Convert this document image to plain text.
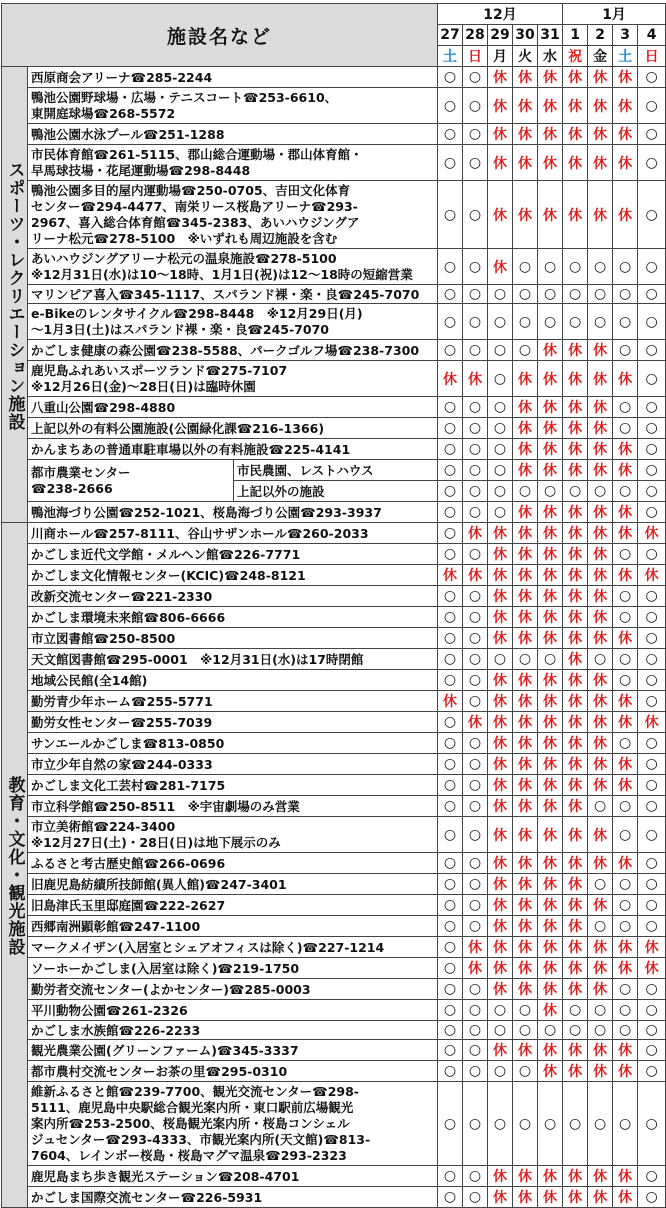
施設名など			12月					1月			
			27	28	29	30	31	1	2	3	4
			土	日	月	火	水	祝	金	土	日

スポーツ・レクリエーション施設	西原商会アリーナ☎285-2244		○	○	休	休	休	休	休	休	○
	鴨池公園野球場・広場・テニスコート☎253-6610、
東開庭球場☎268-5572		○	○	休	休	休	休	休	休	○
	鴨池公園水泳プール☎251-1288		○	○	休	休	休	休	休	休	○
	市民体育館☎261-5115、郡山総合運動場・郡山体育館・
早馬球技場・花尾運動場☎298-8448		○	○	休	休	休	休	休	休	○
	鴨池公園多目的屋内運動場☎250-0705、吉田文化体育
センター☎294-4477、南栄リース桜島アリーナ☎293-
2967、喜入総合体育館☎345-2383、あいハウジングア
リーナ松元☎278-5100　※いずれも周辺施設を含む		○	○	休	休	休	休	休	休	○
	あいハウジングアリーナ松元の温泉施設☎278-5100
※12月31日(水)は10～18時、1月1日(祝)は12～18時の短縮営業		○	○	休	○	○	○	○	○	○
	マリンピア喜入☎345-1117、スパランド裸・楽・良☎245-7070		○	○	○	○	○	○	○	○	○
	e-Bikeのレンタサイクル☎298-8448　※12月29日(月)
～1月3日(土)はスパランド裸・楽・良☎245-7070		○	○	○	○	○	○	○	○	○
	かごしま健康の森公園☎238-5588、パークゴルフ場☎238-7300		○	○	○	○	休	休	休	○	○
	鹿児島ふれあいスポーツランド☎275-7107
※12月26日(金)～28日(日)は臨時休園		休	休	○	休	休	休	休	休	○
	八重山公園☎298-4880		○	○	○	休	休	休	休	○	○
	上記以外の有料公園施設(公園緑化課☎216-1366)		○	○	○	休	休	休	休	○	○
	かんまちあの普通車駐車場以外の有料施設☎225-4141		○	○	○	休	休	休	休	休	○
	都市農業センター
☎238-2666	市民農園、レストハウス	○	○	○	休	休	休	休	休	○
		上記以外の施設	○	○	○	○	○	○	○	○	○
	鴨池海づり公園☎252-1021、桜島海づり公園☎293-3937		○	○	○	休	休	休	休	休	○

教育・文化・観光施設	川商ホール☎257-8111、谷山サザンホール☎260-2033		○	休	休	休	休	休	休	休	休
	かごしま近代文学館・メルヘン館☎226-7771		○	○	休	休	休	休	休	○	○
	かごしま文化情報センター(KCIC)☎248-8121		休	休	休	休	休	休	休	休	休
	改新交流センター☎221-2330		○	○	休	休	休	休	休	○	○
	かごしま環境未来館☎806-6666		○	○	休	休	休	休	休	○	○
	市立図書館☎250-8500		○	○	休	休	休	休	休	休	○
	天文館図書館☎295-0001　※12月31日(水)は17時閉館		○	○	○	○	○	休	○	○	○
	地域公民館(全14館)		○	○	休	休	休	休	休	○	○
	勤労青少年ホーム☎255-5771		休	○	休	休	休	休	休	休	○
	勤労女性センター☎255-7039		○	休	休	休	休	休	休	休	休
	サンエールかごしま☎813-0850		○	○	休	休	休	休	休	○	○
	市立少年自然の家☎244-0333		○	○	休	休	休	休	休	休	○
	かごしま文化工芸村☎281-7175		○	○	休	休	休	休	休	休	○
	市立科学館☎250-8511　※宇宙劇場のみ営業		○	○	休	休	休	休	○	○	○
	市立美術館☎224-3400
※12月27日(土)・28日(日)は地下展示のみ		○	○	休	休	休	休	休	○	○
	ふるさと考古歴史館☎266-0696		○	○	休	休	休	休	休	休	○
	旧鹿児島紡績所技師館(異人館)☎247-3401		○	○	休	休	休	休	○	○	○
	旧島津氏玉里邸庭園☎222-2627		○	○	休	休	休	休	休	○	○
	西郷南洲顕彰館☎247-1100		○	○	休	休	休	休	○	○	○
	マークメイザン(入居室とシェアオフィスは除く)☎227-1214		○	休	休	休	休	休	休	休	休
	ソーホーかごしま(入居室は除く)☎219-1750		○	休	休	休	休	休	休	休	休
	勤労者交流センター(よかセンター)☎285-0003		○	○	休	休	休	休	休	○	○
	平川動物公園☎261-2326		○	○	○	○	休	○	○	○	○
	かごしま水族館☎226-2233		○	○	○	○	○	○	○	○	○
	観光農業公園(グリーンファーム)☎345-3337		○	○	休	休	休	休	休	休	○
	都市農村交流センターお茶の里☎295-0310		○	○	○	○	休	休	休	休	○
	維新ふるさと館☎239-7700、観光交流センター☎298-
5111、鹿児島中央駅総合観光案内所・東口駅前広場観光
案内所☎253-2500、桜島観光案内所・桜島コンシェル
ジュセンター☎293-4333、市観光案内所(天文館)☎813-
7604、レインボー桜島・桜島マグマ温泉☎293-2323		○	○	○	○	○	○	○	○	○
	鹿児島まち歩き観光ステーション☎208-4701		○	○	休	休	休	休	休	休	○
	かごしま国際交流センター☎226-5931		○	○	休	休	休	休	休	休	○
